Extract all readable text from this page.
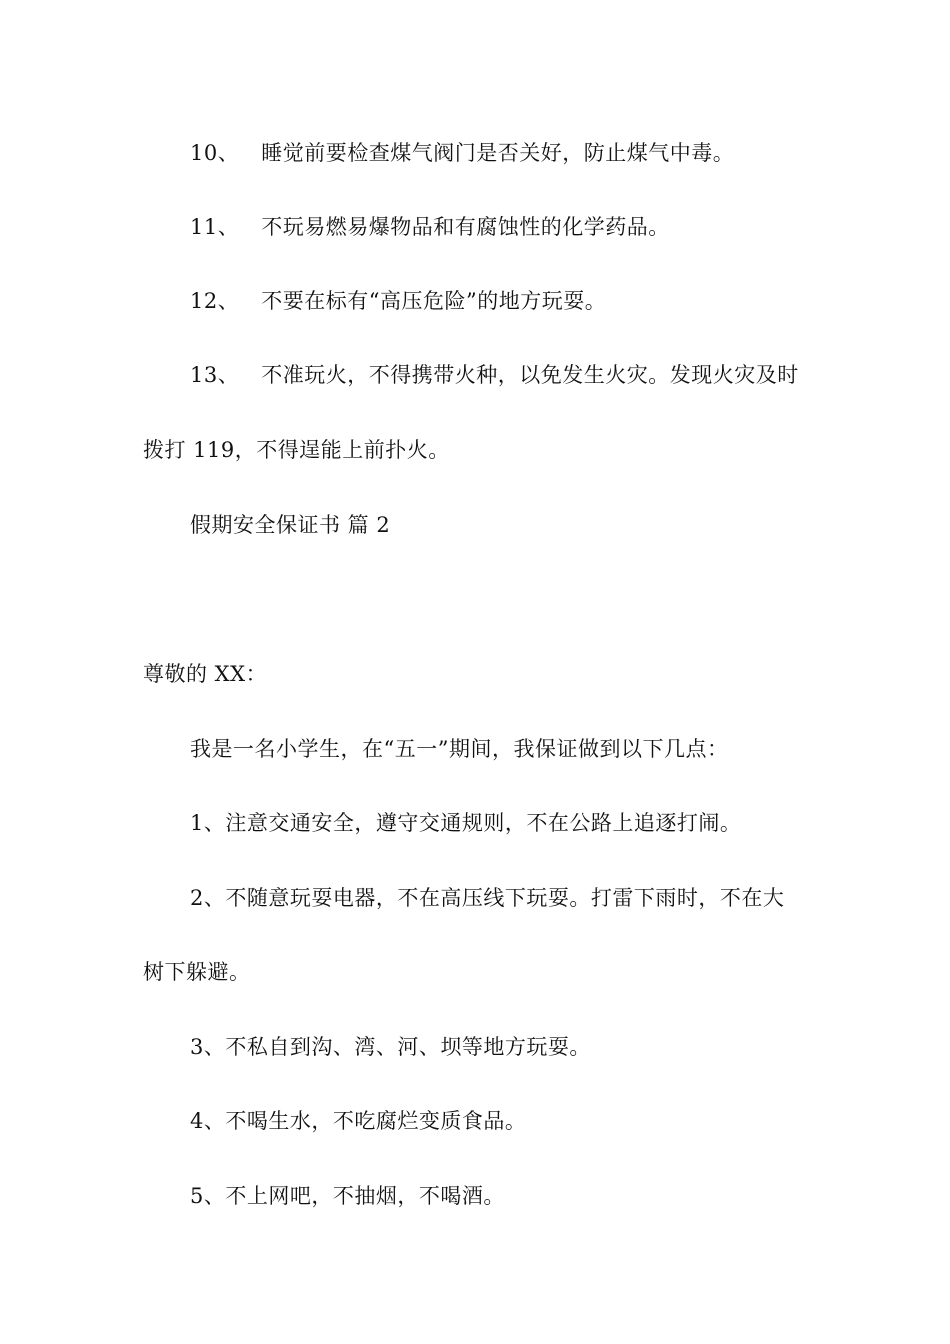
10、 睡觉前要检查煤气阀门是否关好，防止煤气中毒。
11、 不玩易燃易爆物品和有腐蚀性的化学药品。
12、 不要在标有“高压危险”的地方玩耍。
13、 不准玩火，不得携带火种，以免发生火灾。发现火灾及时
拨打 119，不得逞能上前扑火。
假期安全保证书 篇 2
尊敬的 XX：
我是一名小学生，在“五一”期间，我保证做到以下几点：
1、注意交通安全，遵守交通规则，不在公路上追逐打闹。
2、不随意玩耍电器，不在高压线下玩耍。打雷下雨时，不在大
树下躲避。
3、不私自到沟、湾、河、坝等地方玩耍。
4、不喝生水，不吃腐烂变质食品。
5、不上网吧，不抽烟，不喝酒。
